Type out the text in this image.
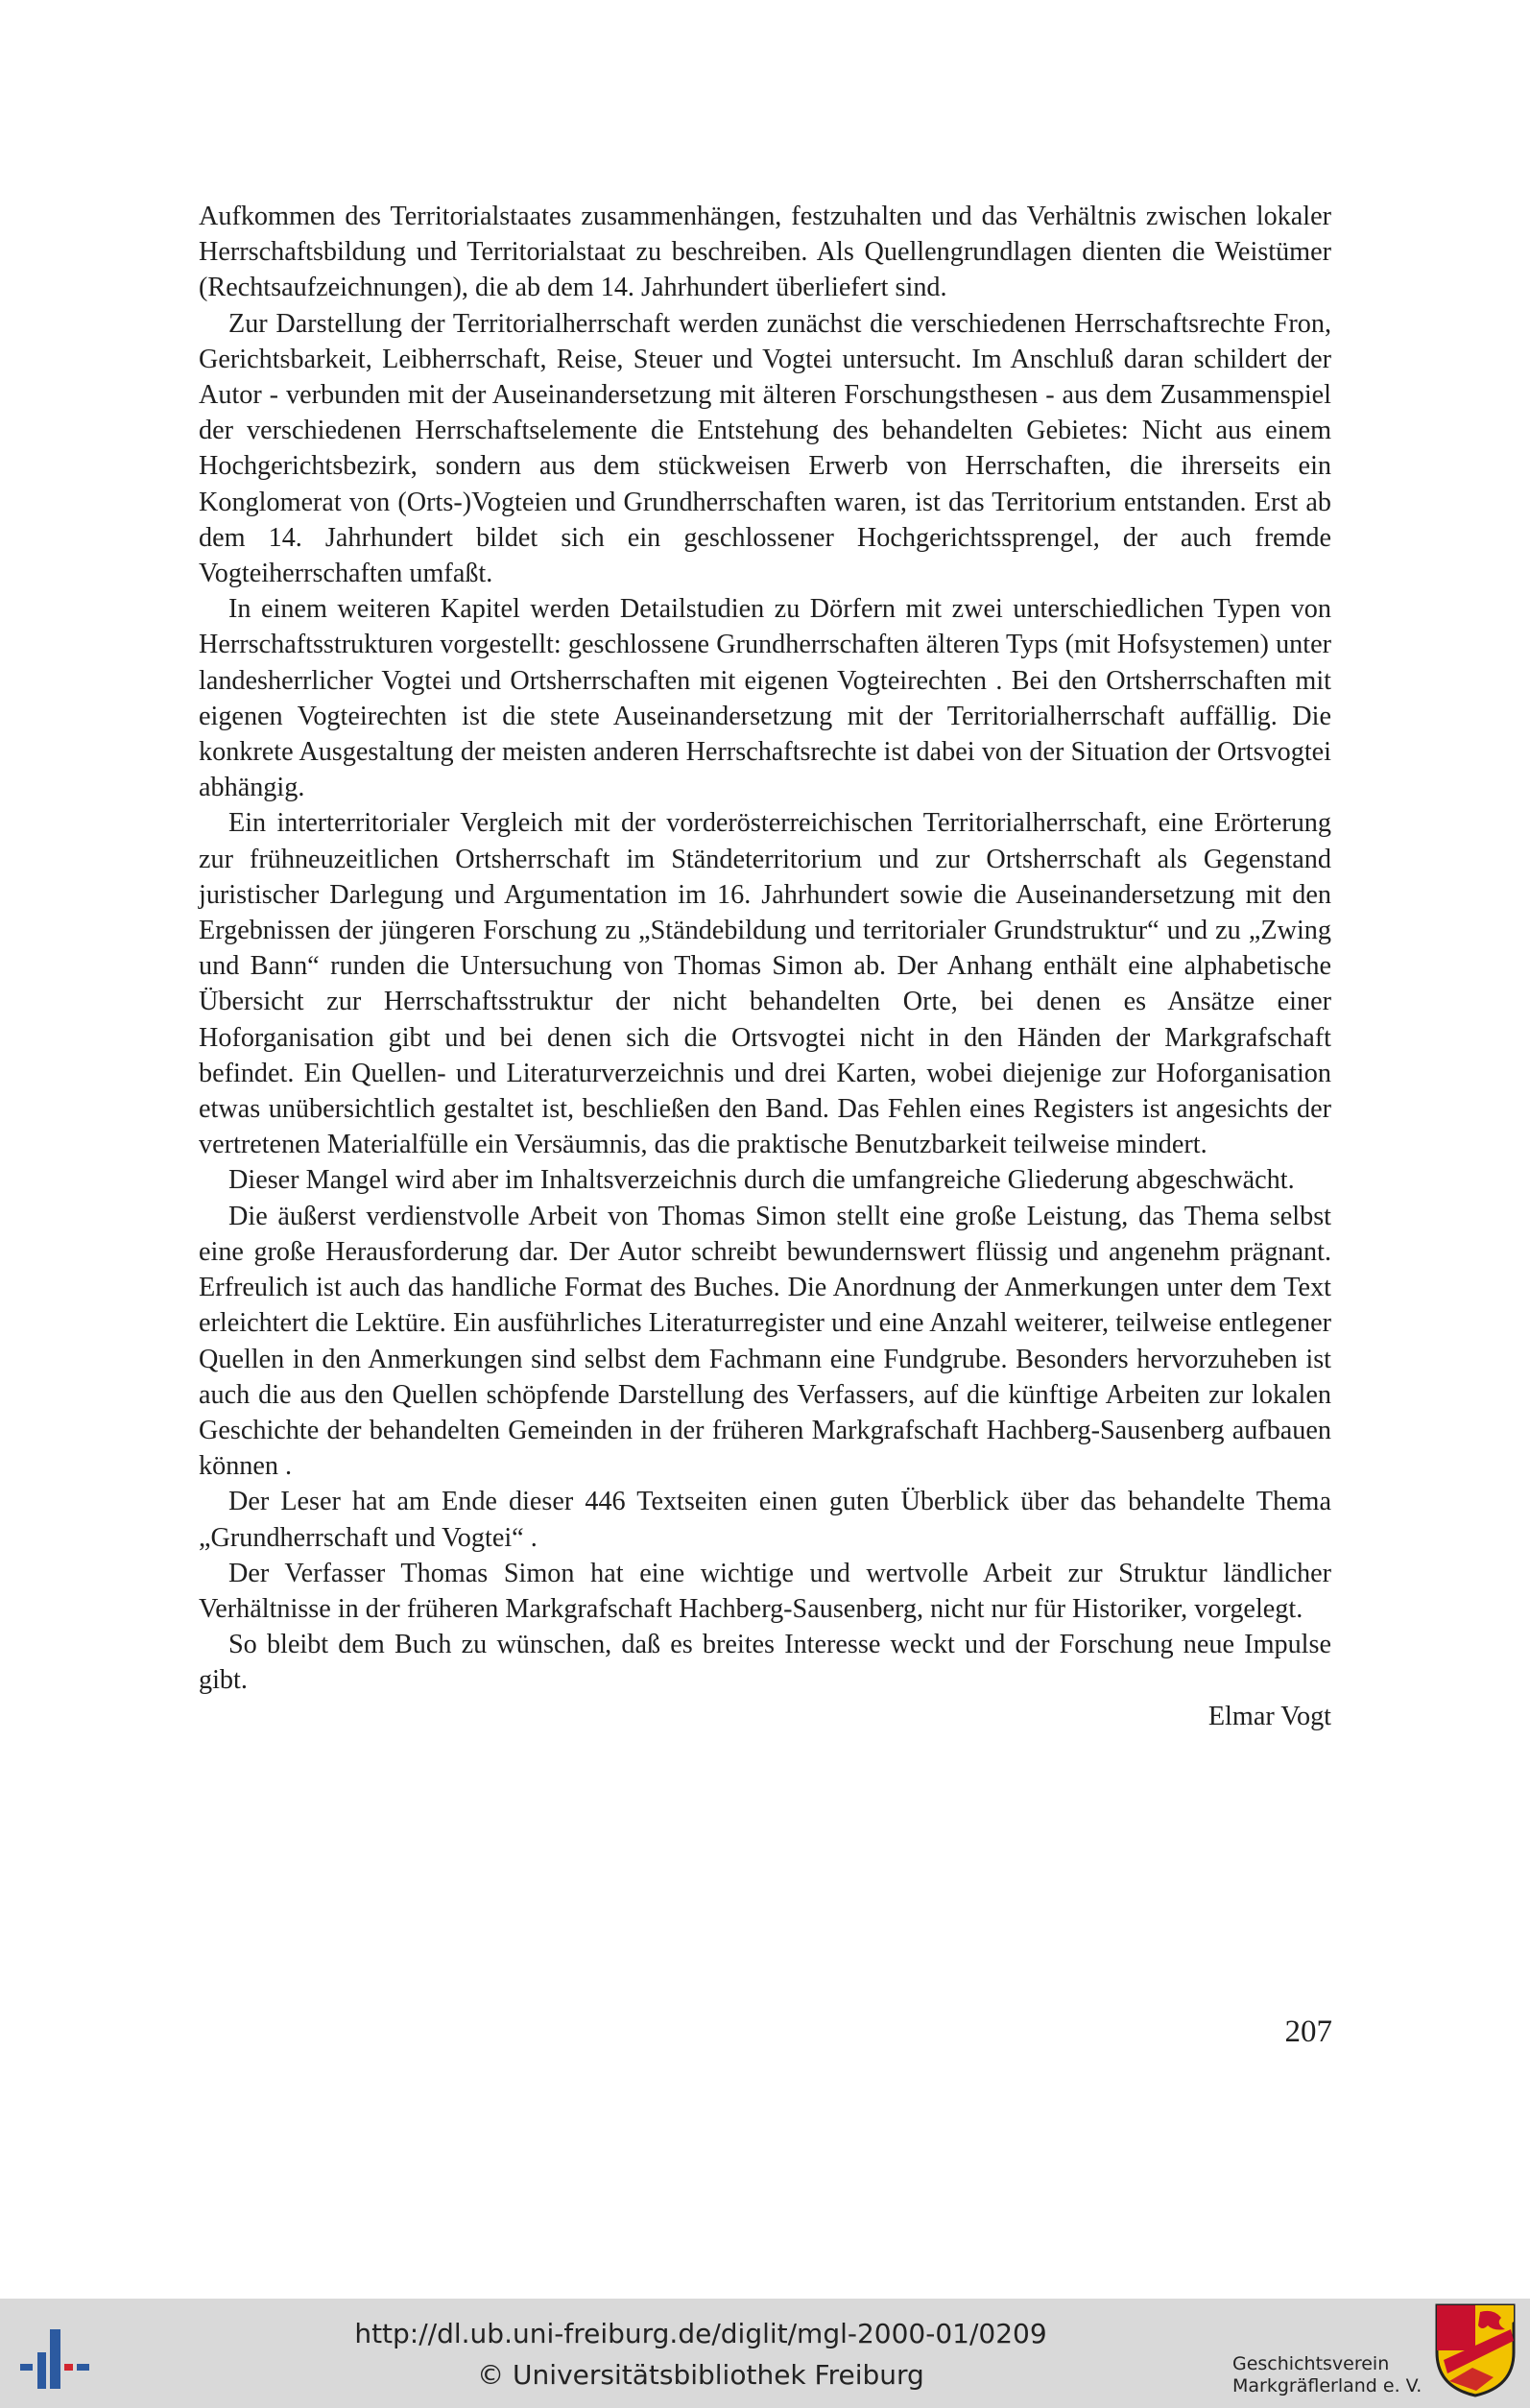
Aufkommen des Territorialstaates zusammenhängen, festzuhalten und das Verhältnis zwischen lokaler Herrschaftsbildung und Territorialstaat zu beschreiben. Als Quellengrundlagen dienten die Weistümer (Rechtsaufzeichnungen), die ab dem 14. Jahrhundert überliefert sind.

Zur Darstellung der Territorialherrschaft werden zunächst die verschiedenen Herrschaftsrechte Fron, Gerichtsbarkeit, Leibherrschaft, Reise, Steuer und Vogtei untersucht. Im Anschluß daran schildert der Autor - verbunden mit der Auseinandersetzung mit älteren Forschungsthesen - aus dem Zusammenspiel der verschiedenen Herrschaftselemente die Entstehung des behandelten Gebietes: Nicht aus einem Hochgerichtsbezirk, sondern aus dem stückweisen Erwerb von Herrschaften, die ihrerseits ein Konglomerat von (Orts-)Vogteien und Grundherrschaften waren, ist das Territorium entstanden. Erst ab dem 14. Jahrhundert bildet sich ein geschlossener Hochgerichtssprengel, der auch fremde Vogteiherrschaften umfaßt.

In einem weiteren Kapitel werden Detailstudien zu Dörfern mit zwei unterschiedlichen Typen von Herrschaftsstrukturen vorgestellt: geschlossene Grundherrschaften älteren Typs (mit Hofsystemen) unter landesherrlicher Vogtei und Ortsherrschaften mit eigenen Vogteirechten . Bei den Ortsherrschaften mit eigenen Vogteirechten ist die stete Auseinandersetzung mit der Territorialherrschaft auffällig. Die konkrete Ausgestaltung der meisten anderen Herrschaftsrechte ist dabei von der Situation der Ortsvogtei abhängig.

Ein interterritorialer Vergleich mit der vorderösterreichischen Territorialherrschaft, eine Erörterung zur frühneuzeitlichen Ortsherrschaft im Ständeterritorium und zur Ortsherrschaft als Gegenstand juristischer Darlegung und Argumentation im 16. Jahrhundert sowie die Auseinandersetzung mit den Ergebnissen der jüngeren Forschung zu „Ständebildung und territorialer Grundstruktur“ und zu „Zwing und Bann“ runden die Untersuchung von Thomas Simon ab. Der Anhang enthält eine alphabetische Übersicht zur Herrschaftsstruktur der nicht behandelten Orte, bei denen es Ansätze einer Hoforganisation gibt und bei denen sich die Ortsvogtei nicht in den Händen der Markgrafschaft befindet. Ein Quellen- und Literaturverzeichnis und drei Karten, wobei diejenige zur Hoforganisation etwas unübersichtlich gestaltet ist, beschließen den Band. Das Fehlen eines Registers ist angesichts der vertretenen Materialfülle ein Versäumnis, das die praktische Benutzbarkeit teilweise mindert.

Dieser Mangel wird aber im Inhaltsverzeichnis durch die umfangreiche Gliederung abgeschwächt.

Die äußerst verdienstvolle Arbeit von Thomas Simon stellt eine große Leistung, das Thema selbst eine große Herausforderung dar. Der Autor schreibt bewundernswert flüssig und angenehm prägnant. Erfreulich ist auch das handliche Format des Buches. Die Anordnung der Anmerkungen unter dem Text erleichtert die Lektüre. Ein ausführliches Literaturregister und eine Anzahl weiterer, teilweise entlegener Quellen in den Anmerkungen sind selbst dem Fachmann eine Fundgrube. Besonders hervorzuheben ist auch die aus den Quellen schöpfende Darstellung des Verfassers, auf die künftige Arbeiten zur lokalen Geschichte der behandelten Gemeinden in der früheren Markgrafschaft Hachberg-Sausenberg aufbauen können .

Der Leser hat am Ende dieser 446 Textseiten einen guten Überblick über das behandelte Thema „Grundherrschaft und Vogtei“ .

Der Verfasser Thomas Simon hat eine wichtige und wertvolle Arbeit zur Struktur ländlicher Verhältnisse in der früheren Markgrafschaft Hachberg-Sausenberg, nicht nur für Historiker, vorgelegt.

So bleibt dem Buch zu wünschen, daß es breites Interesse weckt und der Forschung neue Impulse gibt.

Elmar Vogt

207
http://dl.ub.uni-freiburg.de/diglit/mgl-2000-01/0209
© Universitätsbibliothek Freiburg	Geschichtsverein
Markgräflerland e. V.
